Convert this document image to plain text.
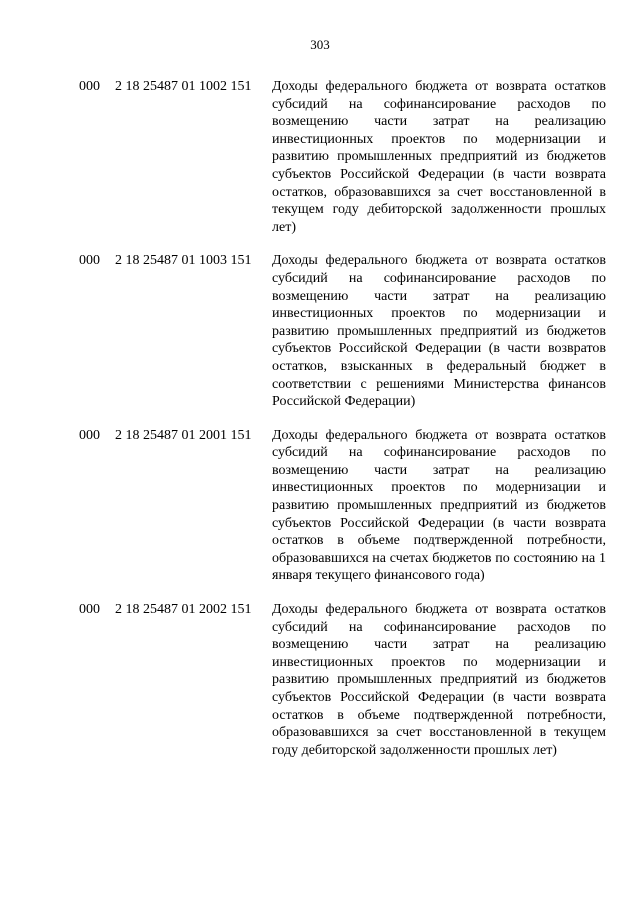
303
000	2 18 25487 01 1002 151	Доходы федерального бюджета от возврата остатков субсидий на софинансирование расходов по возмещению части затрат на реализацию инвестиционных проектов по модернизации и развитию промышленных предприятий из бюджетов субъектов Российской Федерации (в части возврата остатков, образовавшихся за счет восстановленной в текущем году дебиторской задолженности прошлых лет)

000	2 18 25487 01 1003 151	Доходы федерального бюджета от возврата остатков субсидий на софинансирование расходов по возмещению части затрат на реализацию инвестиционных проектов по модернизации и развитию промышленных предприятий из бюджетов субъектов Российской Федерации (в части возвратов остатков, взысканных в федеральный бюджет в соответствии с решениями Министерства финансов Российской Федерации)

000	2 18 25487 01 2001 151	Доходы федерального бюджета от возврата остатков субсидий на софинансирование расходов по возмещению части затрат на реализацию инвестиционных проектов по модернизации и развитию промышленных предприятий из бюджетов субъектов Российской Федерации (в части возврата остатков в объеме подтвержденной потребности, образовавшихся на счетах бюджетов по состоянию на 1 января текущего финансового года)

000	2 18 25487 01 2002 151	Доходы федерального бюджета от возврата остатков субсидий на софинансирование расходов по возмещению части затрат на реализацию инвестиционных проектов по модернизации и развитию промышленных предприятий из бюджетов субъектов Российской Федерации (в части возврата остатков в объеме подтвержденной потребности, образовавшихся за счет восстановленной в текущем году дебиторской задолженности прошлых лет)
